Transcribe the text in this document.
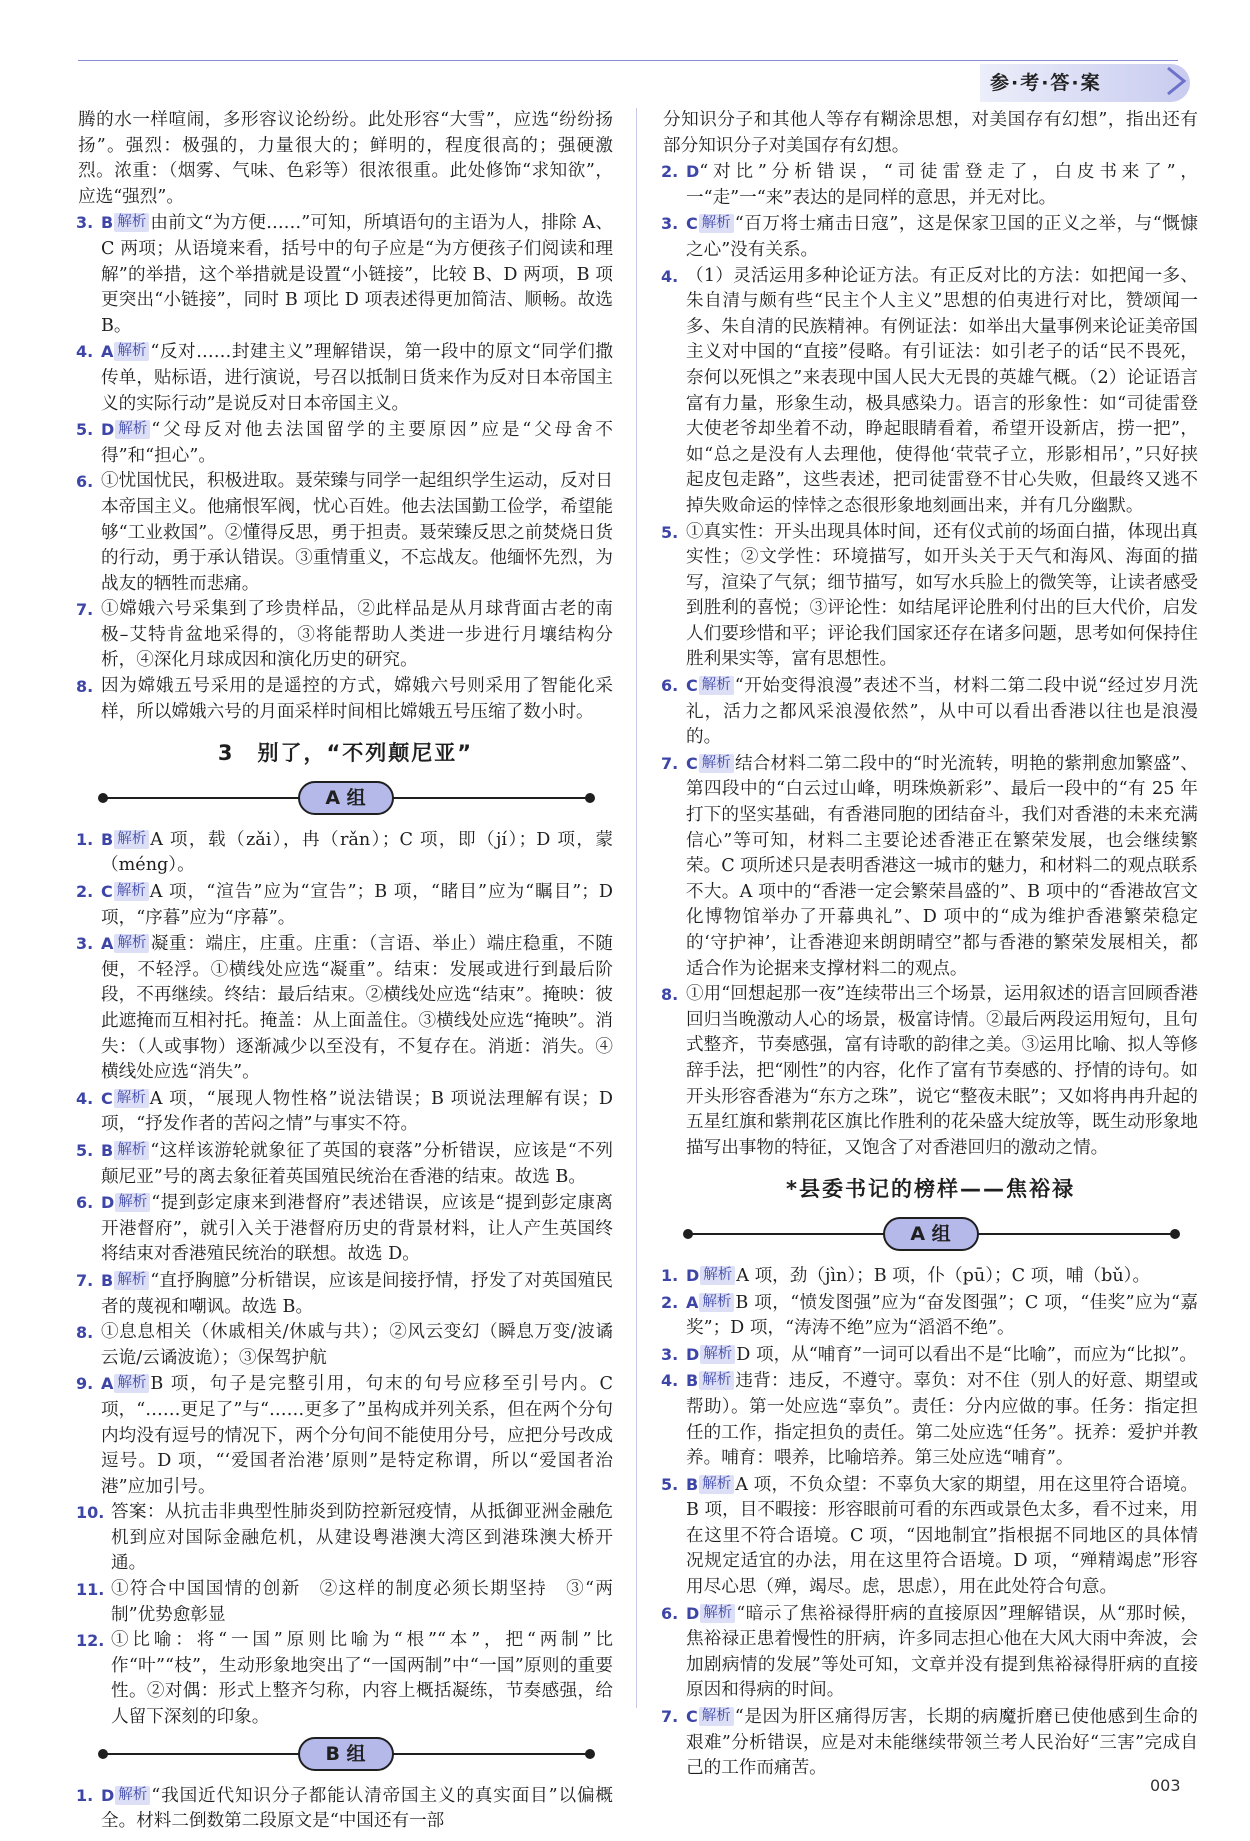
参·考·答·案

腾的水一样喧闹，多形容议论纷纷。此处形容“大雪”，应选“纷纷扬扬”。强烈：极强的，力量很大的；鲜明的，程度很高的；强硬激烈。浓重：（烟雾、气味、色彩等）很浓很重。此处修饰“求知欲”，应选“强烈”。

3. B 解析 由前文“为方便……”可知，所填语句的主语为人，排除 A、C 两项；从语境来看，括号中的句子应是“为方便孩子们阅读和理解”的举措，这个举措就是设置“小链接”，比较 B、D 两项，B 项更突出“小链接”，同时 B 项比 D 项表述得更加简洁、顺畅。故选 B。

4. A 解析 “反对……封建主义”理解错误，第一段中的原文“同学们撒传单，贴标语，进行演说，号召以抵制日货来作为反对日本帝国主义的实际行动”是说反对日本帝国主义。

5. D 解析 “父母反对他去法国留学的主要原因”应是“父母舍不得”和“担心”。

6. ①忧国忧民，积极进取。聂荣臻与同学一起组织学生运动，反对日本帝国主义。他痛恨军阀，忧心百姓。他去法国勤工俭学，希望能够“工业救国”。②懂得反思，勇于担责。聂荣臻反思之前焚烧日货的行动，勇于承认错误。③重情重义，不忘战友。他缅怀先烈，为战友的牺牲而悲痛。

7. ①嫦娥六号采集到了珍贵样品，②此样品是从月球背面古老的南极–艾特肯盆地采得的，③将能帮助人类进一步进行月壤结构分析，④深化月球成因和演化历史的研究。

8. 因为嫦娥五号采用的是遥控的方式，嫦娥六号则采用了智能化采样，所以嫦娥六号的月面采样时间相比嫦娥五号压缩了数小时。

3　别了，“不列颠尼亚”
A 组

1. B 解析 A 项，载（zǎi），冉（rǎn）；C 项，即（jí）；D 项，蒙（méng）。

2. C 解析 A 项，“渲告”应为“宣告”；B 项，“睹目”应为“瞩目”；D 项，“序暮”应为“序幕”。

3. A 解析 凝重：端庄，庄重。庄重：（言语、举止）端庄稳重，不随便，不轻浮。①横线处应选“凝重”。结束：发展或进行到最后阶段，不再继续。终结：最后结束。②横线处应选“结束”。掩映：彼此遮掩而互相衬托。掩盖：从上面盖住。③横线处应选“掩映”。消失：（人或事物）逐渐减少以至没有，不复存在。消逝：消失。④横线处应选“消失”。

4. C 解析 A 项，“展现人物性格”说法错误；B 项说法理解有误；D 项，“抒发作者的苦闷之情”与事实不符。

5. B 解析 “这样该游轮就象征了英国的衰落”分析错误，应该是“不列颠尼亚”号的离去象征着英国殖民统治在香港的结束。故选 B。

6. D 解析 “提到彭定康来到港督府”表述错误，应该是“提到彭定康离开港督府”，就引入关于港督府历史的背景材料，让人产生英国终将结束对香港殖民统治的联想。故选 D。

7. B 解析 “直抒胸臆”分析错误，应该是间接抒情，抒发了对英国殖民者的蔑视和嘲讽。故选 B。

8. ①息息相关（休戚相关/休戚与共）；②风云变幻（瞬息万变/波谲云诡/云谲波诡）；③保驾护航

9. A 解析 B 项，句子是完整引用，句末的句号应移至引号内。C 项，“……更足了”与“……更多了”虽构成并列关系，但在两个分句内均没有逗号的情况下，两个分句间不能使用分号，应把分号改成逗号。D 项，“‘爱国者治港’原则”是特定称谓，所以“爱国者治港”应加引号。

10. 答案：从抗击非典型性肺炎到防控新冠疫情，从抵御亚洲金融危机到应对国际金融危机，从建设粤港澳大湾区到港珠澳大桥开通。

11. ①符合中国国情的创新　②这样的制度必须长期坚持　③“两制”优势愈彰显

12. ①比喻：将“一国”原则比喻为“根”“本”，把“两制”比作“叶”“枝”，生动形象地突出了“一国两制”中“一国”原则的重要性。②对偶：形式上整齐匀称，内容上概括凝练，节奏感强，给人留下深刻的印象。

B 组

1. D 解析 “我国近代知识分子都能认清帝国主义的真实面目”以偏概全。材料二倒数第二段原文是“中国还有一部

分知识分子和其他人等存有糊涂思想，对美国存有幻想”，指出还有部分知识分子对美国存有幻想。

2. D“对比”分析错误，“司徒雷登走了，白皮书来了”，一“走”一“来”表达的是同样的意思，并无对比。

3. C 解析 “百万将士痛击日寇”，这是保家卫国的正义之举，与“慨慷之心”没有关系。

4. （1）灵活运用多种论证方法。有正反对比的方法：如把闻一多、朱自清与颇有些“民主个人主义”思想的伯夷进行对比，赞颂闻一多、朱自清的民族精神。有例证法：如举出大量事例来论证美帝国主义对中国的“直接”侵略。有引证法：如引老子的话“民不畏死，奈何以死惧之”来表现中国人民大无畏的英雄气概。（2）论证语言富有力量，形象生动，极具感染力。语言的形象性：如“司徒雷登大使老爷却坐着不动，睁起眼睛看着，希望开设新店，捞一把”，如“总之是没有人去理他，使得他‘茕茕孑立，形影相吊’，”只好挟起皮包走路”，这些表述，把司徒雷登不甘心失败，但最终又逃不掉失败命运的悻悻之态很形象地刻画出来，并有几分幽默。

5. ①真实性：开头出现具体时间，还有仪式前的场面白描，体现出真实性；②文学性：环境描写，如开头关于天气和海风、海面的描写，渲染了气氛；细节描写，如写水兵脸上的微笑等，让读者感受到胜利的喜悦；③评论性：如结尾评论胜利付出的巨大代价，启发人们要珍惜和平；评论我们国家还存在诸多问题，思考如何保持住胜利果实等，富有思想性。

6. C 解析 “开始变得浪漫”表述不当，材料二第二段中说“经过岁月洗礼，活力之都风采浪漫依然”，从中可以看出香港以往也是浪漫的。

7. C 解析 结合材料二第二段中的“时光流转，明艳的紫荆愈加繁盛”、第四段中的“白云过山峰，明珠焕新彩”、最后一段中的“有 25 年打下的坚实基础，有香港同胞的团结奋斗，我们对香港的未来充满信心”等可知，材料二主要论述香港正在繁荣发展，也会继续繁荣。C 项所述只是表明香港这一城市的魅力，和材料二的观点联系不大。A 项中的“香港一定会繁荣昌盛的”、B 项中的“香港故宫文化博物馆举办了开幕典礼”、D 项中的“成为维护香港繁荣稳定的‘守护神’，让香港迎来朗朗晴空”都与香港的繁荣发展相关，都适合作为论据来支撑材料二的观点。

8. ①用“回想起那一夜”连续带出三个场景，运用叙述的语言回顾香港回归当晚激动人心的场景，极富诗情。②最后两段运用短句，且句式整齐，节奏感强，富有诗歌的韵律之美。③运用比喻、拟人等修辞手法，把“刚性”的内容，化作了富有节奏感的、抒情的诗句。如开头形容香港为“东方之珠”，说它“整夜未眠”；又如将冉冉升起的五星红旗和紫荆花区旗比作胜利的花朵盛大绽放等，既生动形象地描写出事物的特征，又饱含了对香港回归的激动之情。

*县委书记的榜样——焦裕禄
A 组

1. D 解析 A 项，劲（jìn）；B 项，仆（pū）；C 项，哺（bǔ）。

2. A 解析 B 项，“愤发图强”应为“奋发图强”；C 项，“佳奖”应为“嘉奖”；D 项，“涛涛不绝”应为“滔滔不绝”。

3. D 解析 D 项，从“哺育”一词可以看出不是“比喻”，而应为“比拟”。

4. B 解析 违背：违反，不遵守。辜负：对不住（别人的好意、期望或帮助）。第一处应选“辜负”。责任：分内应做的事。任务：指定担任的工作，指定担负的责任。第二处应选“任务”。抚养：爱护并教养。哺育：喂养，比喻培养。第三处应选“哺育”。

5. B 解析 A 项，不负众望：不辜负大家的期望，用在这里符合语境。B 项，目不暇接：形容眼前可看的东西或景色太多，看不过来，用在这里不符合语境。C 项，“因地制宜”指根据不同地区的具体情况规定适宜的办法，用在这里符合语境。D 项，“殚精竭虑”形容用尽心思（殚，竭尽。虑，思虑），用在此处符合句意。

6. D 解析 “暗示了焦裕禄得肝病的直接原因”理解错误，从“那时候，焦裕禄正患着慢性的肝病，许多同志担心他在大风大雨中奔波，会加剧病情的发展”等处可知，文章并没有提到焦裕禄得肝病的直接原因和得病的时间。

7. C 解析 “是因为肝区痛得厉害，长期的病魔折磨已使他感到生命的艰难”分析错误，应是对未能继续带领兰考人民治好“三害”完成自己的工作而痛苦。

003
